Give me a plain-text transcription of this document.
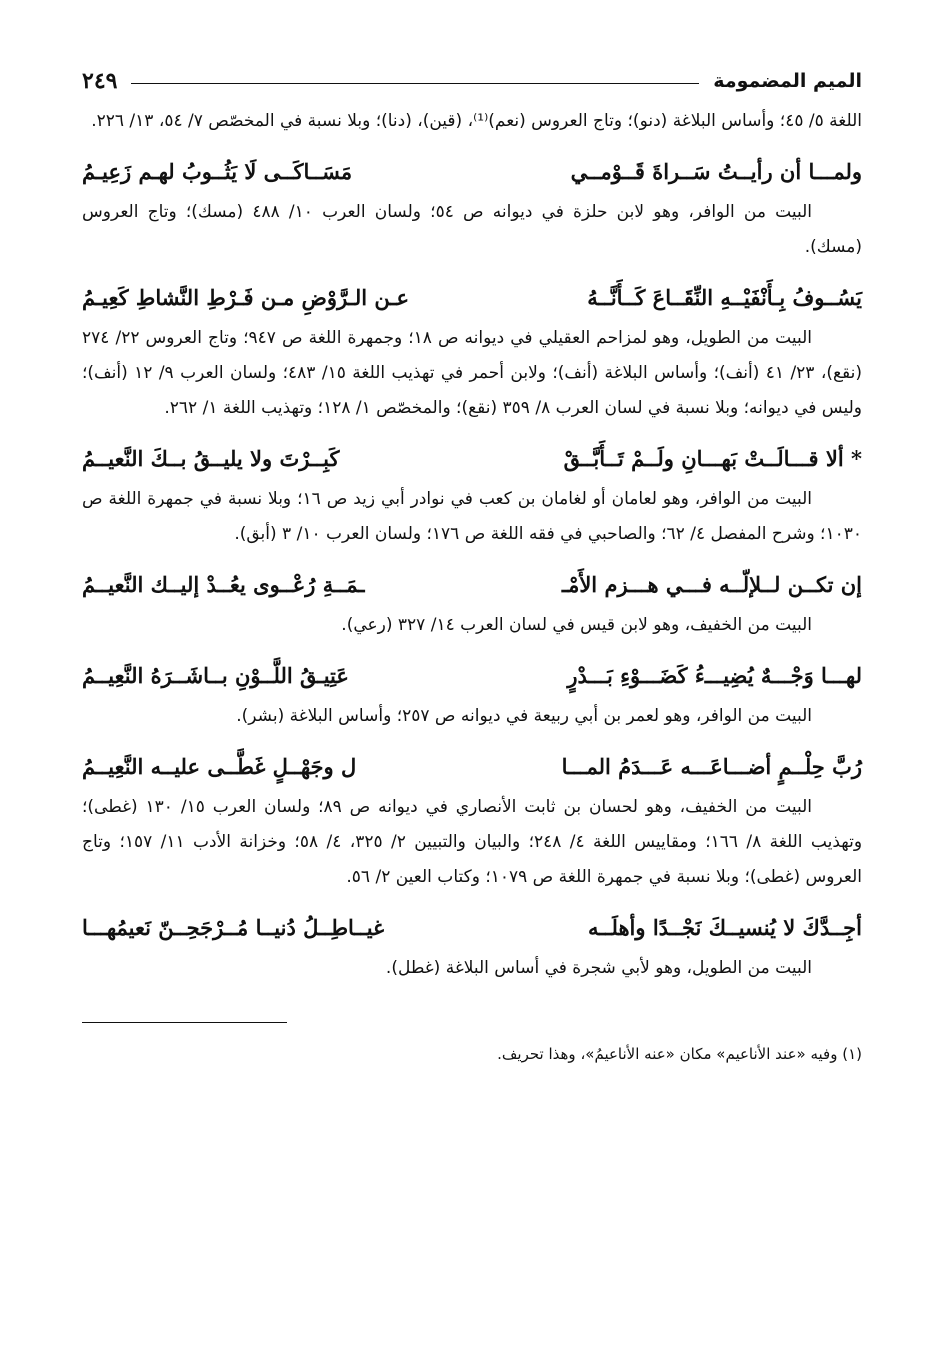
الميم المضمومة
٢٤٩

اللغة ٥/ ٤٥؛ وأساس البلاغة (دنو)؛ وتاج العروس (نعم)⁽¹⁾، (قين)، (دنا)؛ وبلا نسبة في المخصّص ٧/ ٥٤، ١٣/ ٢٢٦.

ولمـــا أن رأيــتُ سَــراةَ قَــوْمــي
مَسَــاكَــى لَا يَثُــوبُ لهـم زَعِيـمُ

البيت من الوافر، وهو لابن حلزة في ديوانه ص ٥٤؛ ولسان العرب ١٠/ ٤٨٨ (مسك)؛ وتاج العروس (مسك).

يَسُــوفُ بِـأَنْفَيْــهِ النِّقَــاعَ كَــأَنَّــهُ
عـن الـرَّوْضِ مـن فَـرْطِ النَّشاطِ كَعِيـمُ

البيت من الطويل، وهو لمزاحم العقيلي في ديوانه ص ١٨؛ وجمهرة اللغة ص ٩٤٧؛ وتاج العروس ٢٢/ ٢٧٤ (نقع)، ٢٣/ ٤١ (أنف)؛ وأساس البلاغة (أنف)؛ ولابن أحمر في تهذيب اللغة ١٥/ ٤٨٣؛ ولسان العرب ٩/ ١٢ (أنف)؛ وليس في ديوانه؛ وبلا نسبة في لسان العرب ٨/ ٣٥٩ (نقع)؛ والمخصّص ١/ ١٢٨؛ وتهذيب اللغة ١/ ٢٦٢.

* ألا قـــالَــتْ بَهـــانِ ولَــمْ تَــأَبَّــقْ
كَبِــرْتَ ولا يليــقُ بــكَ النَّعيــمُ

البيت من الوافر، وهو لعامان أو لغامان بن كعب في نوادر أبي زيد ص ١٦؛ وبلا نسبة في جمهرة اللغة ص ١٠٣٠؛ وشرح المفصل ٤/ ٦٢؛ والصاحبي في فقه اللغة ص ١٧٦؛ ولسان العرب ١٠/ ٣ (أبق).

إن تكــن لــلإلّــه فـــي هـــزم الأَمْـ
ـمَــةِ رُعْــوى يعُــدْ إليــك النَّعيــمُ

البيت من الخفيف، وهو لابن قيس في لسان العرب ١٤/ ٣٢٧ (رعي).

لهـــا وَجْـــهٌ يُضِيـــءُ كَضَـــوْءِ بَـــدْرٍ
عَتِيـقُ اللَّــوْنِ بــاشَــرَهُ النَّعِيــمُ

البيت من الوافر، وهو لعمر بن أبي ربيعة في ديوانه ص ٢٥٧؛ وأساس البلاغة (بشر).

رُبَّ حِلْــمٍ أضـــاعَـــه عَـــدَمُ المـــا
ل وجَهْــلٍ غَطَّــى عليــه النَّعِيــمُ

البيت من الخفيف، وهو لحسان بن ثابت الأنصاري في ديوانه ص ٨٩؛ ولسان العرب ١٥/ ١٣٠ (غطى)؛ وتهذيب اللغة ٨/ ١٦٦؛ ومقاييس اللغة ٤/ ٢٤٨؛ والبيان والتبيين ٢/ ٣٢٥، ٤/ ٥٨؛ وخزانة الأدب ١١/ ١٥٧؛ وتاج العروس (غطى)؛ وبلا نسبة في جمهرة اللغة ص ١٠٧٩؛ وكتاب العين ٢/ ٥٦.

أجِــدَّكَ لا يُنسيــكَ نَجْــدًا وأهلَــه
غيــاطِــلُ دُنيــا مُــرْجَحِــنّ نَعيمُهـــا

البيت من الطويل، وهو لأبي شجرة في أساس البلاغة (غطل).

(١) وفيه «عند الأناعيم» مكان «عنه الأناعيمُ»، وهذا تحريف.
